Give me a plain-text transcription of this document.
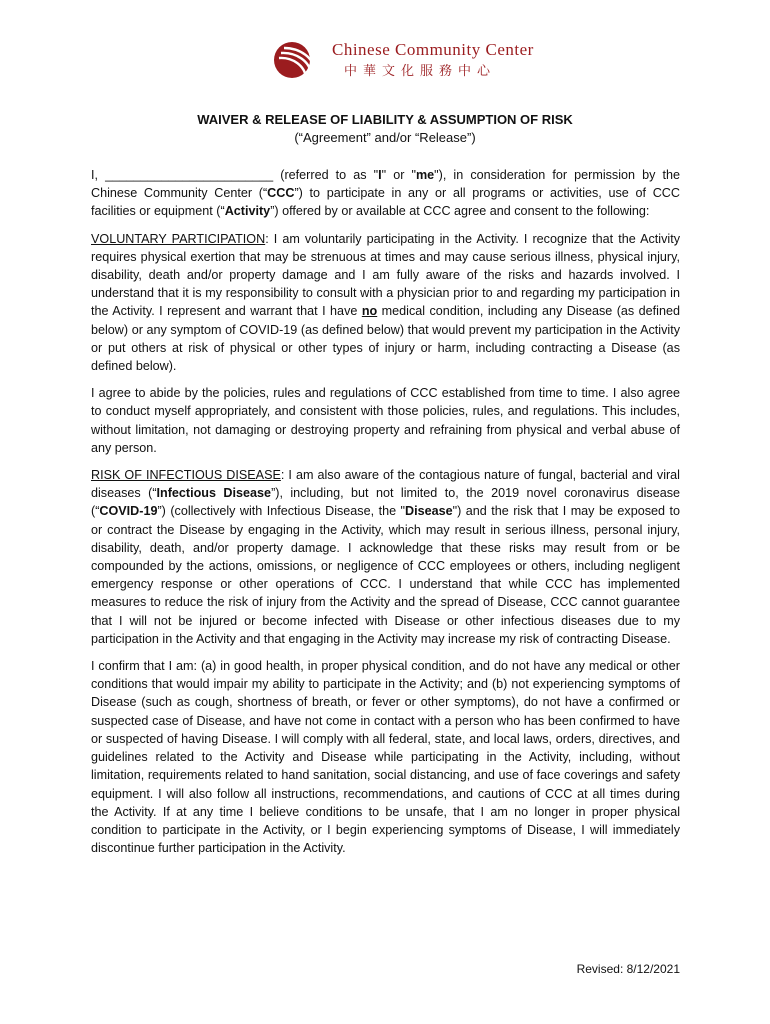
Chinese Community Center
中華文化服務中心
WAIVER & RELEASE OF LIABILITY & ASSUMPTION OF RISK
(“Agreement” and/or “Release”)

I, ________________________ (referred to as "I" or "me"), in consideration for permission by the Chinese Community Center (“CCC”) to participate in any or all programs or activities, use of CCC facilities or equipment (“Activity”) offered by or available at CCC agree and consent to the following:

VOLUNTARY PARTICIPATION: I am voluntarily participating in the Activity. I recognize that the Activity requires physical exertion that may be strenuous at times and may cause serious illness, physical injury, disability, death and/or property damage and I am fully aware of the risks and hazards involved. I understand that it is my responsibility to consult with a physician prior to and regarding my participation in the Activity. I represent and warrant that I have no medical condition, including any Disease (as defined below) or any symptom of COVID-19 (as defined below) that would prevent my participation in the Activity or put others at risk of physical or other types of injury or harm, including contracting a Disease (as defined below).

I agree to abide by the policies, rules and regulations of CCC established from time to time. I also agree to conduct myself appropriately, and consistent with those policies, rules, and regulations. This includes, without limitation, not damaging or destroying property and refraining from physical and verbal abuse of any person.

RISK OF INFECTIOUS DISEASE: I am also aware of the contagious nature of fungal, bacterial and viral diseases (“Infectious Disease”), including, but not limited to, the 2019 novel coronavirus disease (“COVID-19”) (collectively with Infectious Disease, the "Disease") and the risk that I may be exposed to or contract the Disease by engaging in the Activity, which may result in serious illness, personal injury, disability, death, and/or property damage. I acknowledge that these risks may result from or be compounded by the actions, omissions, or negligence of CCC employees or others, including negligent emergency response or other operations of CCC. I understand that while CCC has implemented measures to reduce the risk of injury from the Activity and the spread of Disease, CCC cannot guarantee that I will not be injured or become infected with Disease or other infectious diseases due to my participation in the Activity and that engaging in the Activity may increase my risk of contracting Disease.

I confirm that I am: (a) in good health, in proper physical condition, and do not have any medical or other conditions that would impair my ability to participate in the Activity; and (b) not experiencing symptoms of Disease (such as cough, shortness of breath, or fever or other symptoms), do not have a confirmed or suspected case of Disease, and have not come in contact with a person who has been confirmed to have or suspected of having Disease. I will comply with all federal, state, and local laws, orders, directives, and guidelines related to the Activity and Disease while participating in the Activity, including, without limitation, requirements related to hand sanitation, social distancing, and use of face coverings and safety equipment. I will also follow all instructions, recommendations, and cautions of CCC at all times during the Activity. If at any time I believe conditions to be unsafe, that I am no longer in proper physical condition to participate in the Activity, or I begin experiencing symptoms of Disease, I will immediately discontinue further participation in the Activity.

Revised: 8/12/2021
